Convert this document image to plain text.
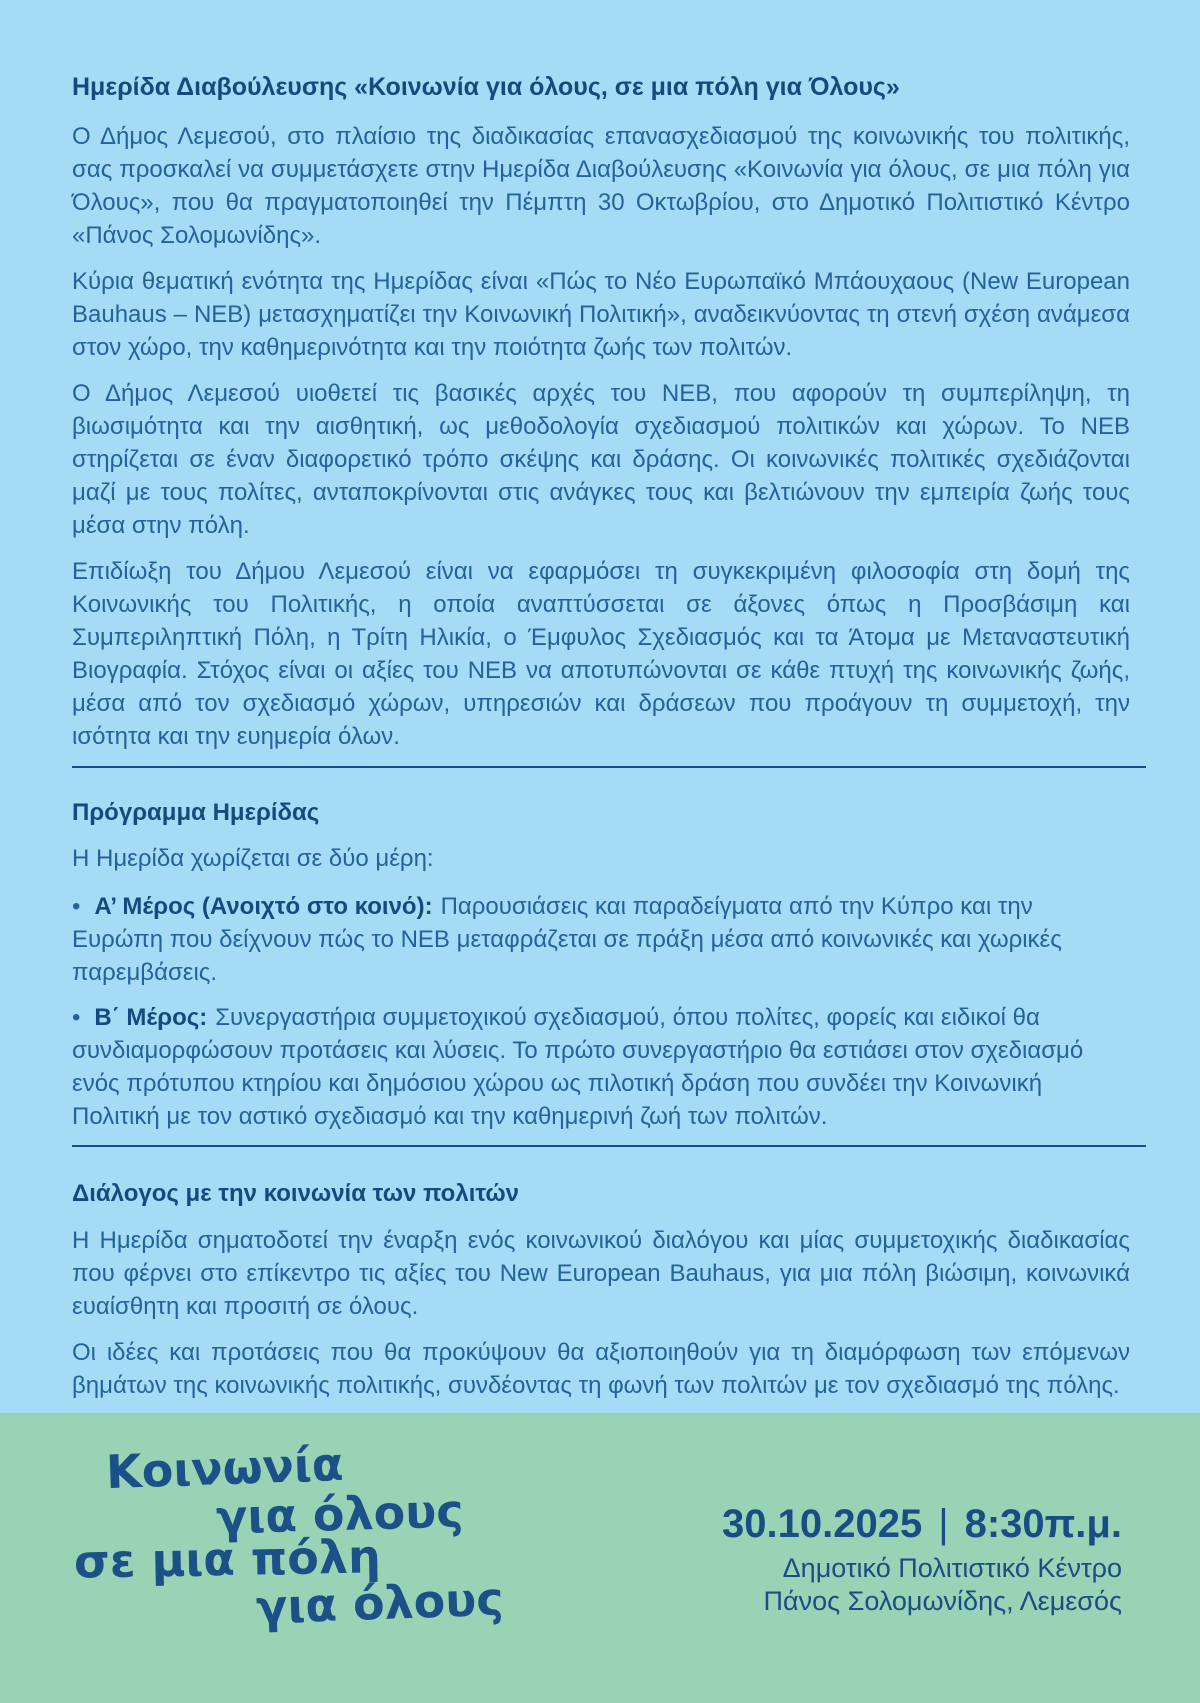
Ημερίδα Διαβούλευσης «Κοινωνία για όλους, σε μια πόλη για Όλους»

Ο Δήμος Λεμεσού, στο πλαίσιο της διαδικασίας επανασχεδιασμού της κοινωνικής του πολιτικής, σας προσκαλεί να συμμετάσχετε στην Ημερίδα Διαβούλευσης «Κοινωνία για όλους, σε μια πόλη για Όλους», που θα πραγματοποιηθεί την Πέμπτη 30 Οκτωβρίου, στο Δημοτικό Πολιτιστικό Κέντρο «Πάνος Σολομωνίδης».

Κύρια θεματική ενότητα της Ημερίδας είναι «Πώς το Νέο Ευρωπαϊκό Μπάουχαους (New European Bauhaus – NEB) μετασχηματίζει την Κοινωνική Πολιτική», αναδεικνύοντας τη στενή σχέση ανάμεσα στον χώρο, την καθημερινότητα και την ποιότητα ζωής των πολιτών.

Ο Δήμος Λεμεσού υιοθετεί τις βασικές αρχές του ΝΕΒ, που αφορούν τη συμπερίληψη, τη βιωσιμότητα και την αισθητική, ως μεθοδολογία σχεδιασμού πολιτικών και χώρων. Το ΝΕΒ στηρίζεται σε έναν διαφορετικό τρόπο σκέψης και δράσης. Οι κοινωνικές πολιτικές σχεδιάζονται μαζί με τους πολίτες, ανταποκρίνονται στις ανάγκες τους και βελτιώνουν την εμπειρία ζωής τους μέσα στην πόλη.

Επιδίωξη του Δήμου Λεμεσού είναι να εφαρμόσει τη συγκεκριμένη φιλοσοφία στη δομή της Κοινωνικής του Πολιτικής, η οποία αναπτύσσεται σε άξονες όπως η Προσβάσιμη και Συμπεριληπτική Πόλη, η Τρίτη Ηλικία, ο Έμφυλος Σχεδιασμός και τα Άτομα με Μεταναστευτική Βιογραφία. Στόχος είναι οι αξίες του ΝΕΒ να αποτυπώνονται σε κάθε πτυχή της κοινωνικής ζωής, μέσα από τον σχεδιασμό χώρων, υπηρεσιών και δράσεων που προάγουν τη συμμετοχή, την ισότητα και την ευημερία όλων.

Πρόγραμμα Ημερίδας

Η Ημερίδα χωρίζεται σε δύο μέρη:

• Α’ Μέρος (Ανοιχτό στο κοινό): Παρουσιάσεις και παραδείγματα από την Κύπρο και την Ευρώπη που δείχνουν πώς το ΝΕΒ μεταφράζεται σε πράξη μέσα από κοινωνικές και χωρικές παρεμβάσεις.

• Β΄ Μέρος: Συνεργαστήρια συμμετοχικού σχεδιασμού, όπου πολίτες, φορείς και ειδικοί θα συνδιαμορφώσουν προτάσεις και λύσεις. Το πρώτο συνεργαστήριο θα εστιάσει στον σχεδιασμό ενός πρότυπου κτηρίου και δημόσιου χώρου ως πιλοτική δράση που συνδέει την Κοινωνική Πολιτική με τον αστικό σχεδιασμό και την καθημερινή ζωή των πολιτών.

Διάλογος με την κοινωνία των πολιτών

Η Ημερίδα σηματοδοτεί την έναρξη ενός κοινωνικού διαλόγου και μίας συμμετοχικής διαδικασίας που φέρνει στο επίκεντρο τις αξίες του New European Bauhaus, για μια πόλη βιώσιμη, κοινωνικά ευαίσθητη και προσιτή σε όλους.

Οι ιδέες και προτάσεις που θα προκύψουν θα αξιοποιηθούν για τη διαμόρφωση των επόμενων βημάτων της κοινωνικής πολιτικής, συνδέοντας τη φωνή των πολιτών με τον σχεδιασμό της πόλης.

Κοινωνία
για όλους
σε μια πόλη
για όλους
30.10.2025 | 8:30π.μ.
Δημοτικό Πολιτιστικό Κέντρο
Πάνος Σολομωνίδης, Λεμεσός
